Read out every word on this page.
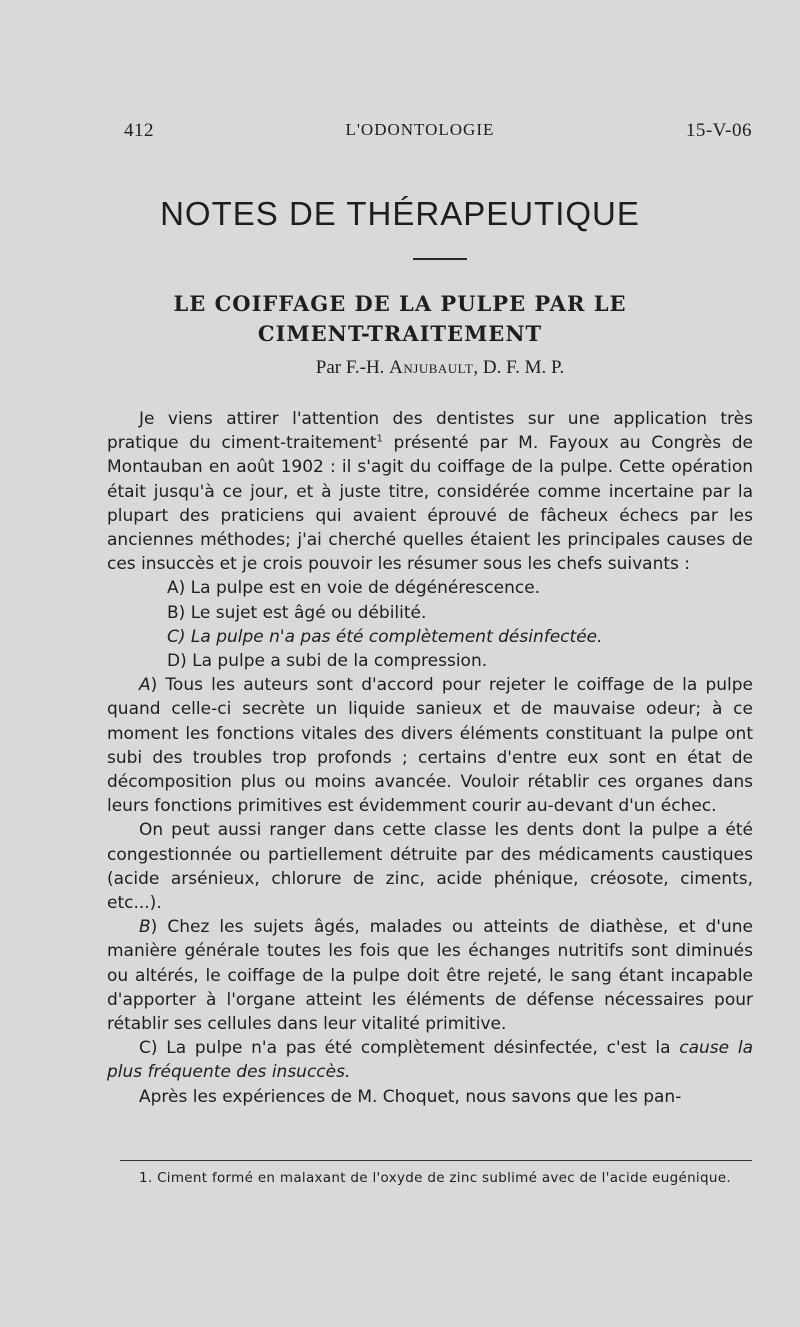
412	L'ODONTOLOGIE	15-V-06
NOTES DE THÉRAPEUTIQUE
LE COIFFAGE DE LA PULPE PAR LE
CIMENT-TRAITEMENT
Par F.-H. Anjubault, D. F. M. P.

Je viens attirer l'attention des dentistes sur une application très pratique du ciment-traitement$^1$ présenté par M. Fayoux au Congrès de Montauban en août 1902 : il s'agit du coiffage de la pulpe. Cette opération était jusqu'à ce jour, et à juste titre, considérée comme incertaine par la plupart des praticiens qui avaient éprouvé de fâcheux échecs par les anciennes méthodes; j'ai cherché quelles étaient les principales causes de ces insuccès et je crois pouvoir les résumer sous les chefs suivants :

A) La pulpe est en voie de dégénérescence.

B) Le sujet est âgé ou débilité.

C) La pulpe n'a pas été complètement désinfectée.

D) La pulpe a subi de la compression.

A) Tous les auteurs sont d'accord pour rejeter le coiffage de la pulpe quand celle-ci secrète un liquide sanieux et de mauvaise odeur; à ce moment les fonctions vitales des divers éléments constituant la pulpe ont subi des troubles trop profonds ; certains d'entre eux sont en état de décomposition plus ou moins avancée. Vouloir rétablir ces organes dans leurs fonctions primitives est évidemment courir au-devant d'un échec.

On peut aussi ranger dans cette classe les dents dont la pulpe a été congestionnée ou partiellement détruite par des médicaments caustiques (acide arsénieux, chlorure de zinc, acide phénique, créosote, ciments, etc...).

B) Chez les sujets âgés, malades ou atteints de diathèse, et d'une manière générale toutes les fois que les échanges nutritifs sont diminués ou altérés, le coiffage de la pulpe doit être rejeté, le sang étant incapable d'apporter à l'organe atteint les éléments de défense nécessaires pour rétablir ses cellules dans leur vitalité primitive.

C) La pulpe n'a pas été complètement désinfectée, c'est la cause la plus fréquente des insuccès.

Après les expériences de M. Choquet, nous savons que les pan-

1. Ciment formé en malaxant de l'oxyde de zinc sublimé avec de l'acide eugénique.
